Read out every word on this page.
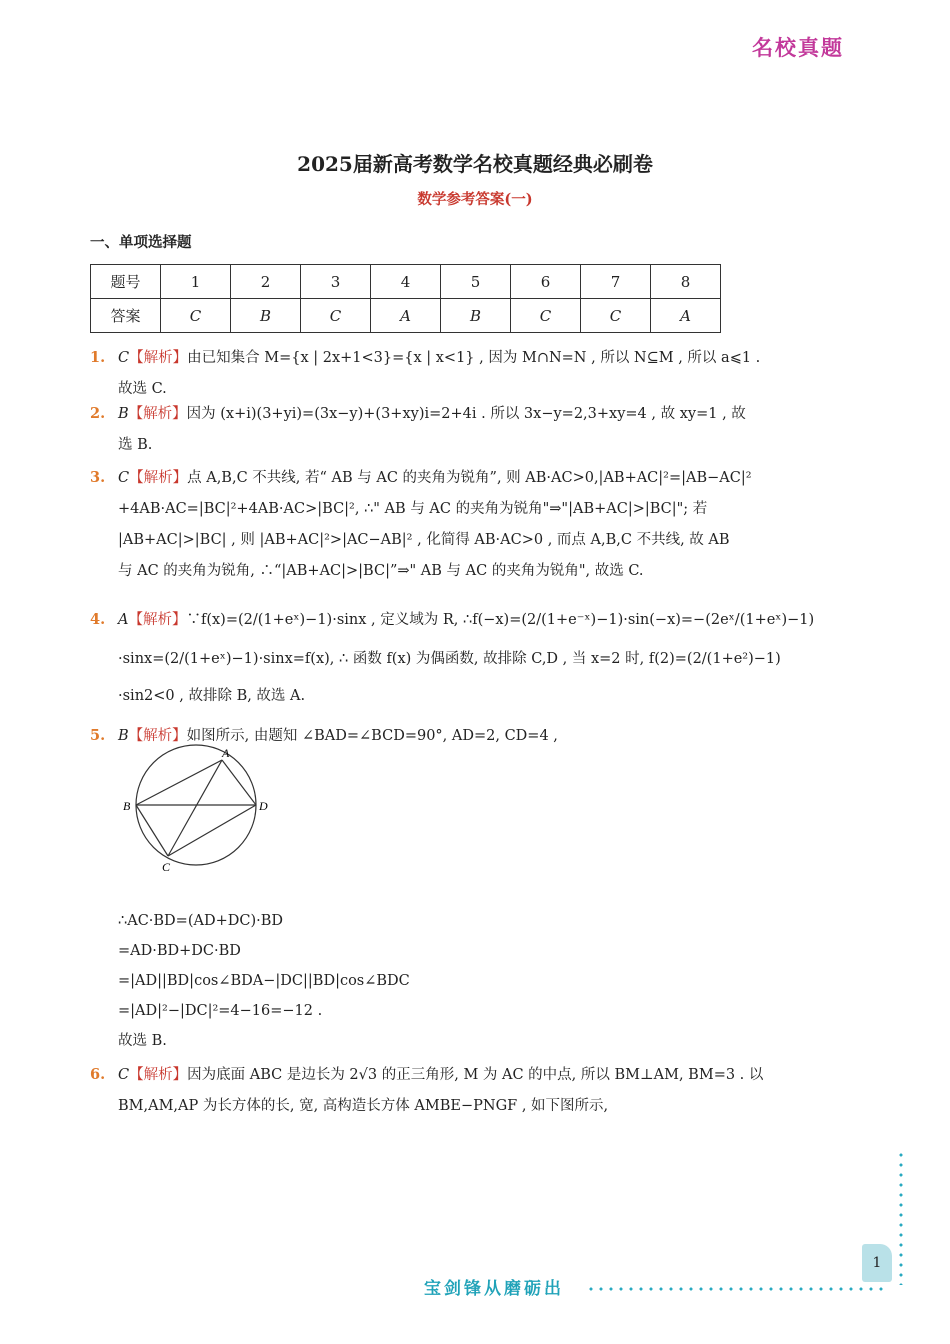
名校真题
2025届新高考数学名校真题经典必刷卷
数学参考答案(一)
一、单项选择题
题号	1	2	3	4	5	6	7	8
答案	C	B	C	A	B	C	C	A
1. C【解析】由已知集合 M={x | 2x+1<3}={x | x<1} , 因为 M∩N=N , 所以 N⊆M , 所以 a⩽1 .
故选 C.
2. B【解析】因为 (x+i)(3+yi)=(3x−y)+(3+xy)i=2+4i . 所以 3x−y=2,3+xy=4 , 故 xy=1 , 故
选 B.
3. C【解析】点 A,B,C 不共线, 若“ AB 与 AC 的夹角为锐角”, 则 AB·AC>0,|AB+AC|²=|AB−AC|²
+4AB·AC=|BC|²+4AB·AC>|BC|², ∴" AB 与 AC 的夹角为锐角"⇒"|AB+AC|>|BC|"; 若
|AB+AC|>|BC| , 则 |AB+AC|²>|AC−AB|² , 化简得 AB·AC>0 , 而点 A,B,C 不共线, 故 AB
与 AC 的夹角为锐角, ∴“|AB+AC|>|BC|”⇒" AB 与 AC 的夹角为锐角", 故选 C.
4. A【解析】∵f(x)=(2/(1+eˣ)−1)·sinx , 定义域为 R, ∴f(−x)=(2/(1+e⁻ˣ)−1)·sin(−x)=−(2eˣ/(1+eˣ)−1)
·sinx=(2/(1+eˣ)−1)·sinx=f(x), ∴ 函数 f(x) 为偶函数, 故排除 C,D , 当 x=2 时, f(2)=(2/(1+e²)−1)
·sin2<0 , 故排除 B, 故选 A.
5. B【解析】如图所示, 由题知 ∠BAD=∠BCD=90°, AD=2, CD=4 ,
A
B
C
D
∴AC·BD=(AD+DC)·BD
=AD·BD+DC·BD
=|AD||BD|cos∠BDA−|DC||BD|cos∠BDC
=|AD|²−|DC|²=4−16=−12 .
故选 B.
6. C【解析】因为底面 ABC 是边长为 2√3 的正三角形, M 为 AC 的中点, 所以 BM⊥AM, BM=3 . 以
BM,AM,AP 为长方体的长, 宽, 高构造长方体 AMBE−PNGF , 如下图所示,
1
宝剑锋从磨砺出
